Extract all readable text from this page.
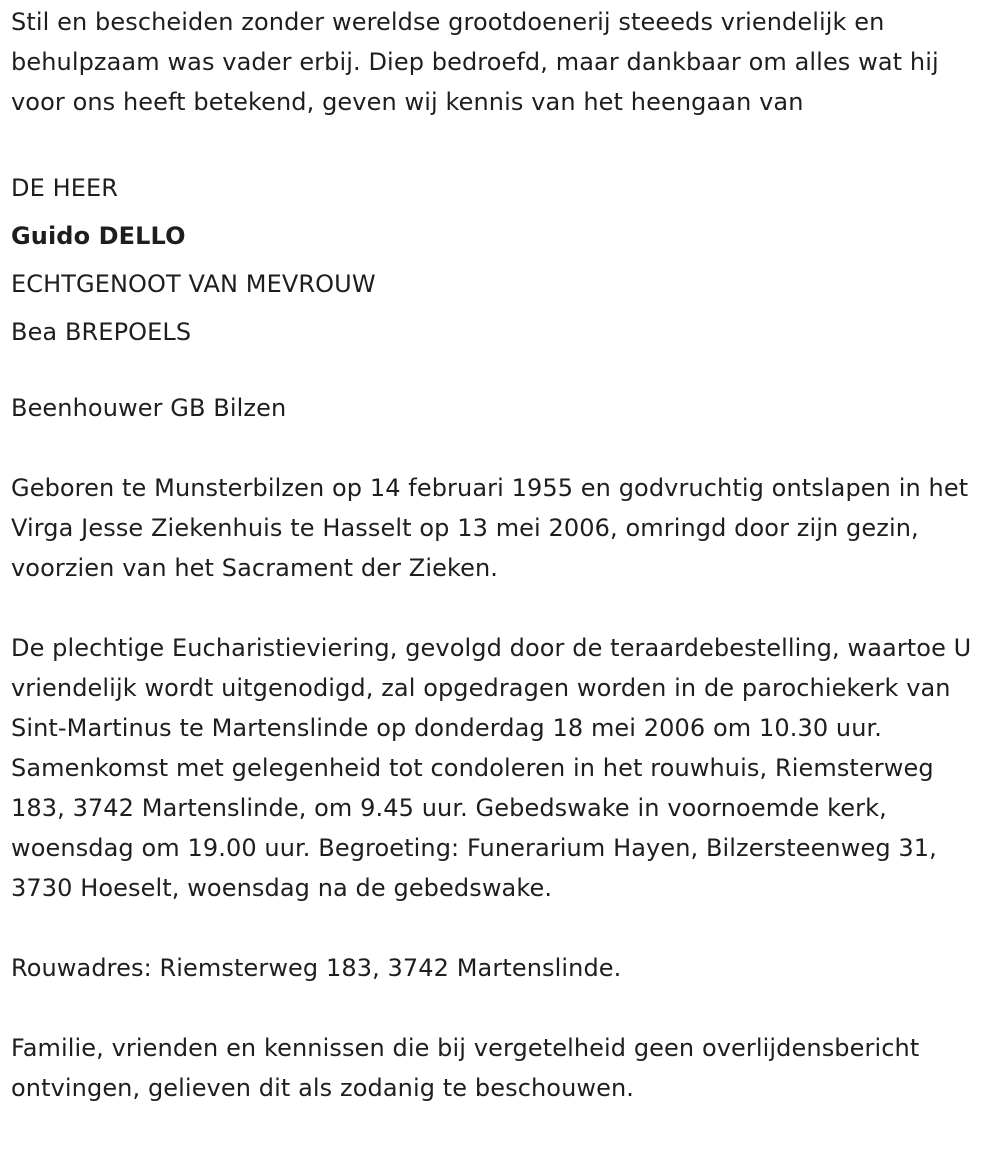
Stil en bescheiden zonder wereldse grootdoenerij steeeds vriendelijk en behulpzaam was vader erbij. Diep bedroefd, maar dankbaar om alles wat hij voor ons heeft betekend, geven wij kennis van het heengaan van

DE HEER
Guido DELLO
ECHTGENOOT VAN MEVROUW
Bea BREPOELS

Beenhouwer GB Bilzen

Geboren te Munsterbilzen op 14 februari 1955 en godvruchtig ontslapen in het Virga Jesse Ziekenhuis te Hasselt op 13 mei 2006, omringd door zijn gezin, voorzien van het Sacrament der Zieken.

De plechtige Eucharistieviering, gevolgd door de teraardebestelling, waartoe U vriendelijk wordt uitgenodigd, zal opgedragen worden in de parochiekerk van Sint-Martinus te Martenslinde op donderdag 18 mei 2006 om 10.30 uur. Samenkomst met gelegenheid tot condoleren in het rouwhuis, Riemsterweg 183, 3742 Martenslinde, om 9.45 uur. Gebedswake in voornoemde kerk, woensdag om 19.00 uur. Begroeting: Funerarium Hayen, Bilzersteenweg 31, 3730 Hoeselt, woensdag na de gebedswake.

Rouwadres: Riemsterweg 183, 3742 Martenslinde.

Familie, vrienden en kennissen die bij vergetelheid geen overlijdensbericht ontvingen, gelieven dit als zodanig te beschouwen.
